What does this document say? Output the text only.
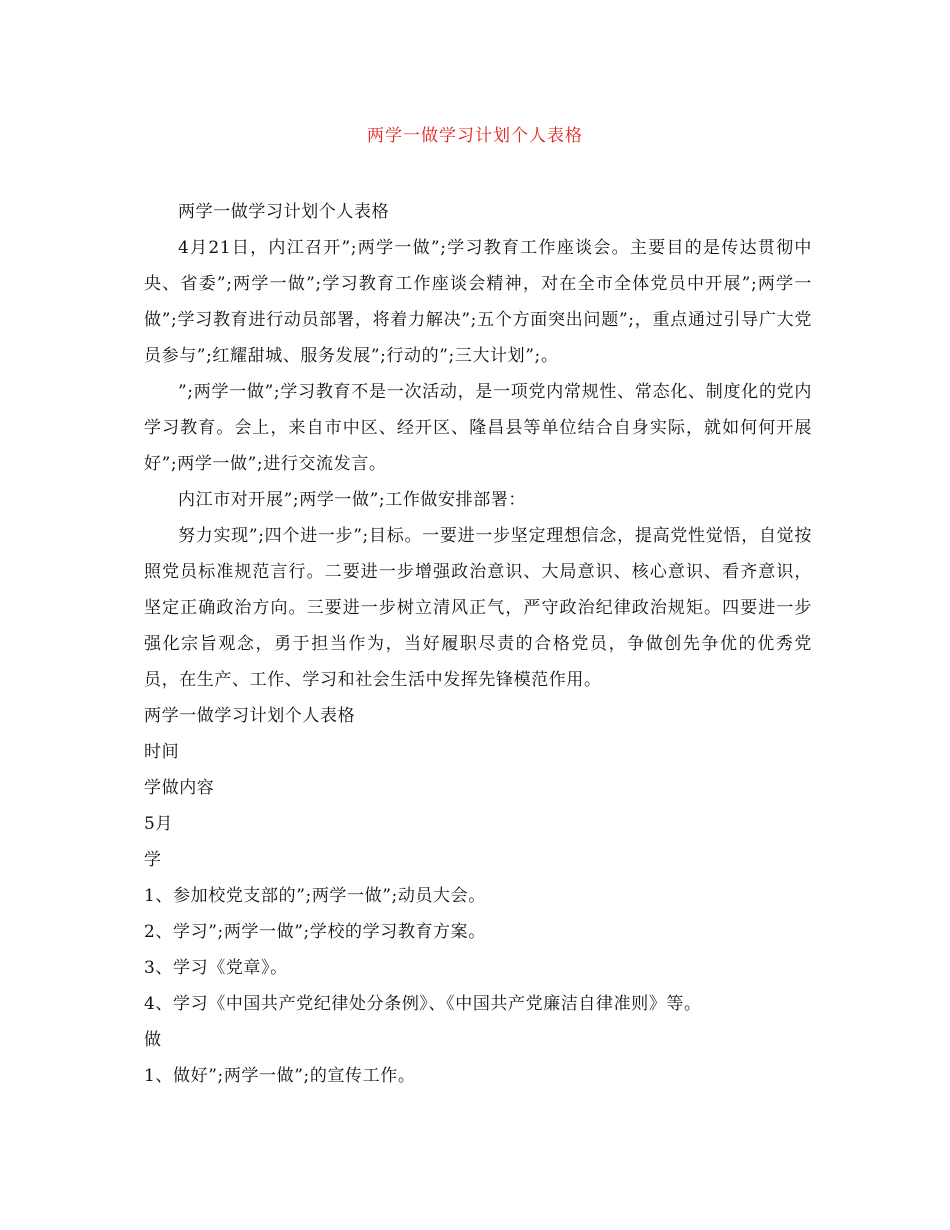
两学一做学习计划个人表格

两学一做学习计划个人表格

4月21日，内江召开”;两学一做”;学习教育工作座谈会。主要目的是传达贯彻中央、省委”;两学一做”;学习教育工作座谈会精神，对在全市全体党员中开展”;两学一做”;学习教育进行动员部署，将着力解决”;五个方面突出问题”;，重点通过引导广大党员参与”;红耀甜城、服务发展”;行动的”;三大计划”;。

”;两学一做”;学习教育不是一次活动，是一项党内常规性、常态化、制度化的党内学习教育。会上，来自市中区、经开区、隆昌县等单位结合自身实际，就如何何开展好”;两学一做”;进行交流发言。

内江市对开展”;两学一做”;工作做安排部署：

努力实现”;四个进一步”;目标。一要进一步坚定理想信念，提高党性觉悟，自觉按照党员标准规范言行。二要进一步增强政治意识、大局意识、核心意识、看齐意识，坚定正确政治方向。三要进一步树立清风正气，严守政治纪律政治规矩。四要进一步强化宗旨观念，勇于担当作为，当好履职尽责的合格党员，争做创先争优的优秀党员，在生产、工作、学习和社会生活中发挥先锋模范作用。

两学一做学习计划个人表格

时间

学做内容

5月

学

1、参加校党支部的”;两学一做”;动员大会。

2、学习”;两学一做”;学校的学习教育方案。

3、学习《党章》。

4、学习《中国共产党纪律处分条例》、《中国共产党廉洁自律准则》等。

做

1、做好”;两学一做”;的宣传工作。
